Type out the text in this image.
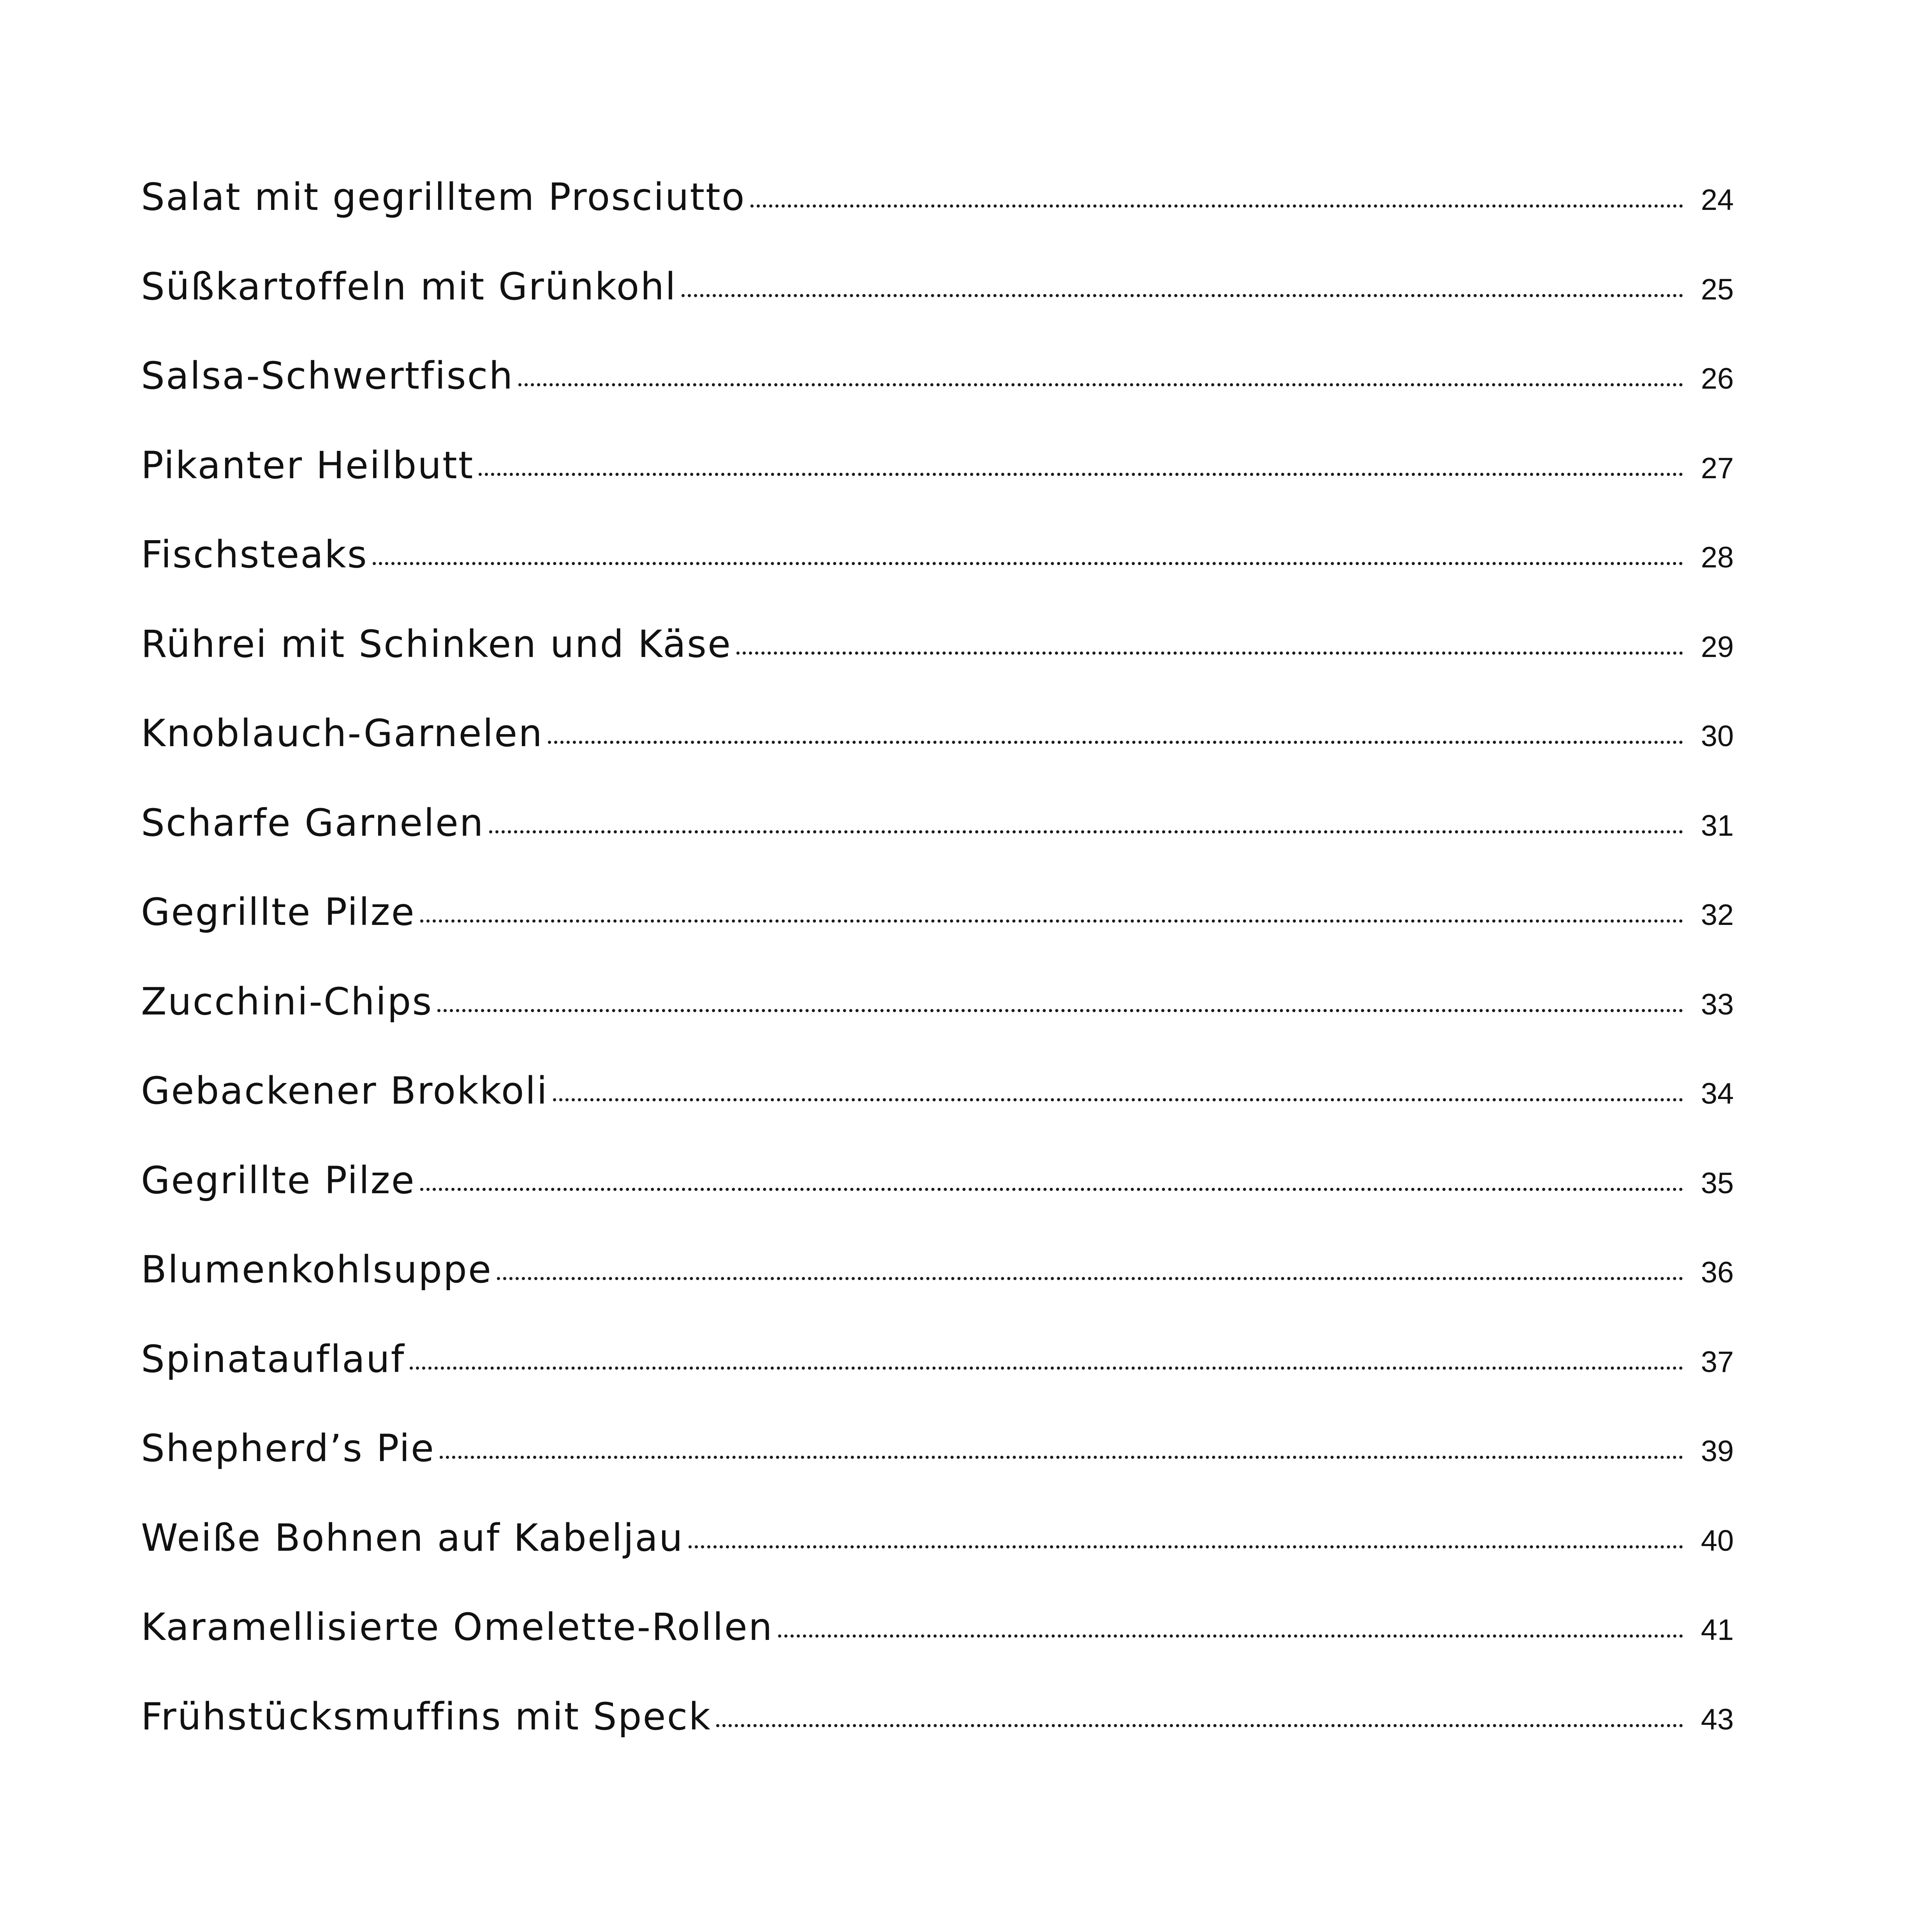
Salat mit gegrilltem Prosciutto	24
Süßkartoffeln mit Grünkohl	25
Salsa-Schwertfisch	26
Pikanter Heilbutt	27
Fischsteaks	28
Rührei mit Schinken und Käse	29
Knoblauch-Garnelen	30
Scharfe Garnelen	31
Gegrillte Pilze	32
Zucchini-Chips	33
Gebackener Brokkoli	34
Gegrillte Pilze	35
Blumenkohlsuppe	36
Spinatauflauf	37
Shepherd’s Pie	39
Weiße Bohnen auf Kabeljau	40
Karamellisierte Omelette-Rollen	41
Frühstücksmuffins mit Speck	43
